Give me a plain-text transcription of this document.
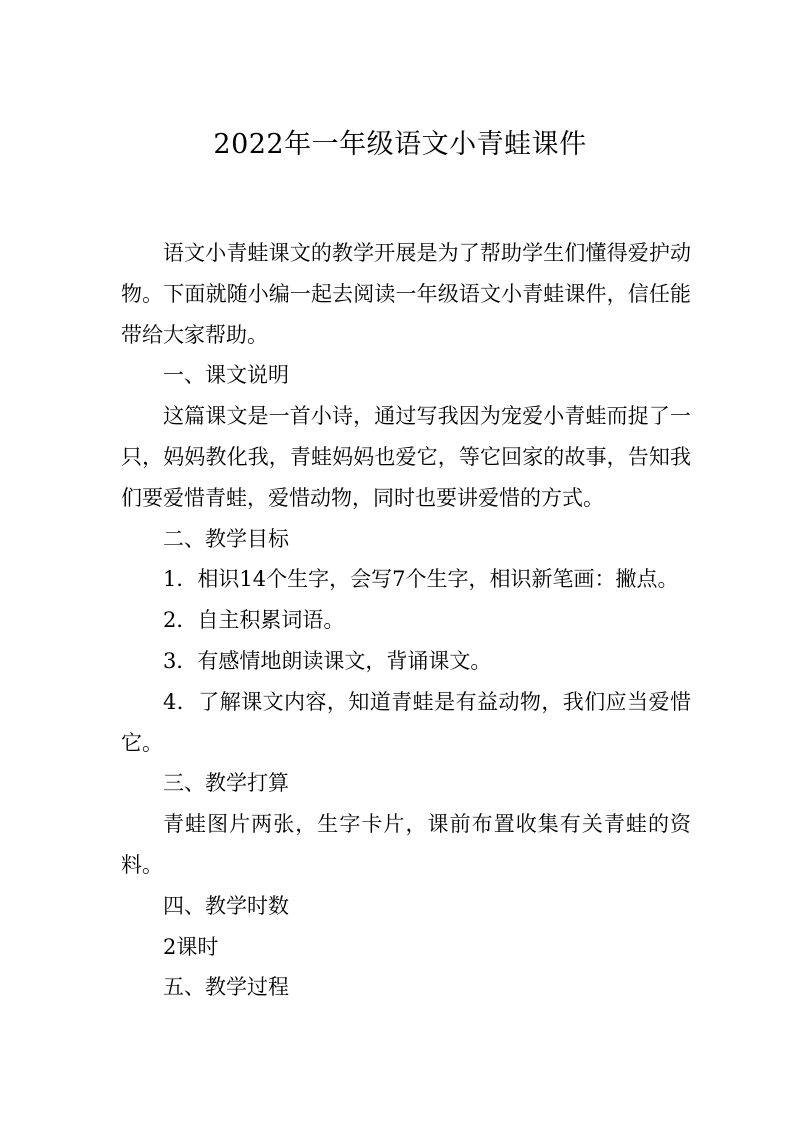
2022年一年级语文小青蛙课件

语文小青蛙课文的教学开展是为了帮助学生们懂得爱护动物。下面就随小编一起去阅读一年级语文小青蛙课件，信任能带给大家帮助。

一、课文说明

这篇课文是一首小诗，通过写我因为宠爱小青蛙而捉了一只，妈妈教化我，青蛙妈妈也爱它，等它回家的故事，告知我们要爱惜青蛙，爱惜动物，同时也要讲爱惜的方式。

二、教学目标

1．相识14个生字，会写7个生字，相识新笔画：撇点。

2．自主积累词语。

3．有感情地朗读课文，背诵课文。

4．了解课文内容，知道青蛙是有益动物，我们应当爱惜它。

三、教学打算

青蛙图片两张，生字卡片，课前布置收集有关青蛙的资料。

四、教学时数

2课时

五、教学过程
